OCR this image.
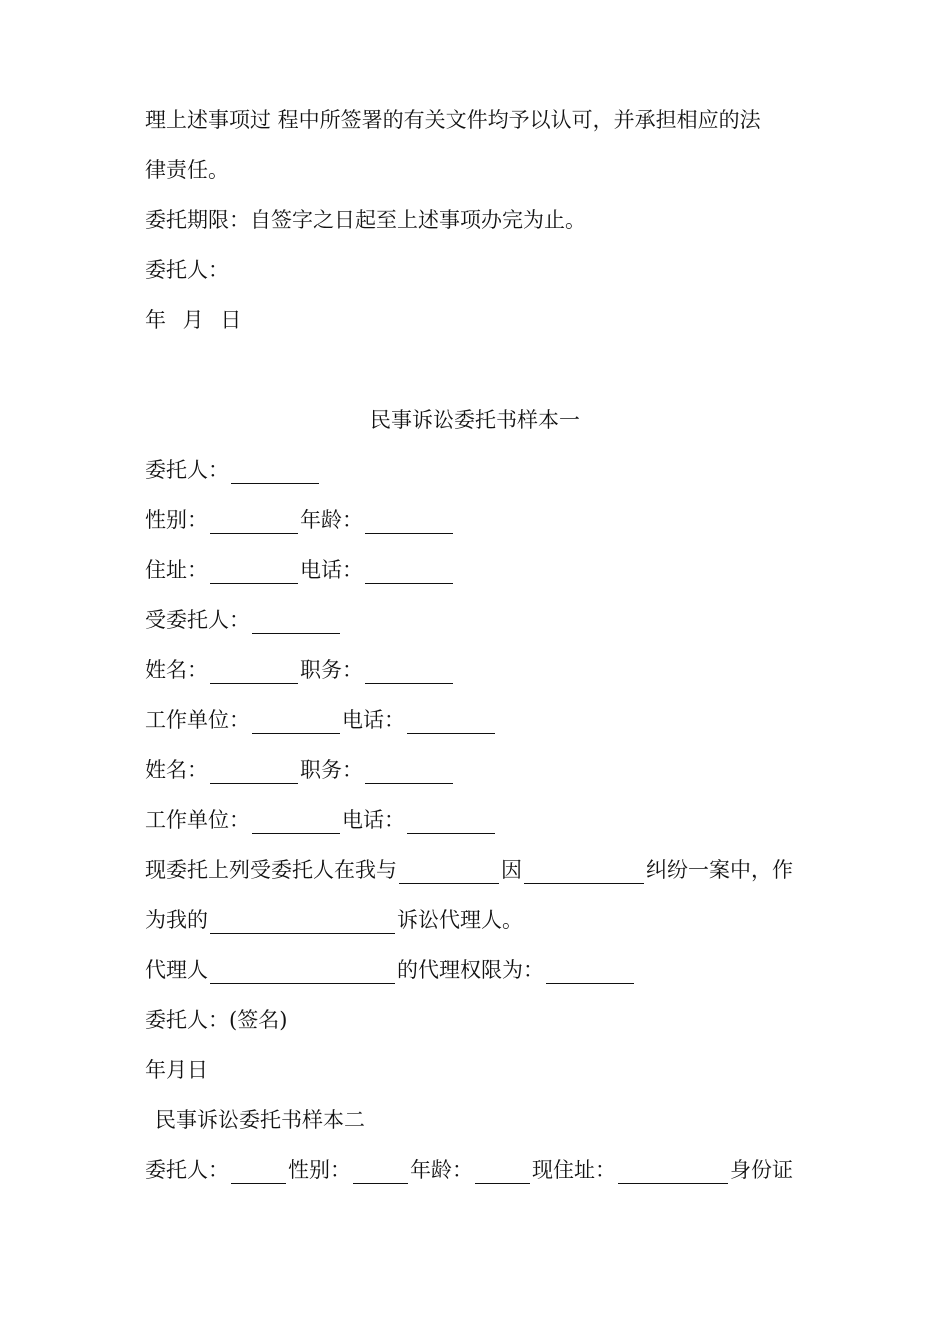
理上述事项过 程中所签署的有关文件均予以认可，并承担相应的法
律责任。
委托期限：自签字之日起至上述事项办完为止。
委托人：
年 月 日
民事诉讼委托书样本一
委托人：
性别：	年龄：
住址：	电话：
受委托人：
姓名：	职务：
工作单位：	电话：
姓名：	职务：
工作单位：	电话：
现委托上列受委托人在我与	因	纠纷一案中，作
为我的	诉讼代理人。
代理人	的代理权限为：
委托人：(签名)
年月日
民事诉讼委托书样本二
委托人：	性别：	年龄：	现住址：	身份证
